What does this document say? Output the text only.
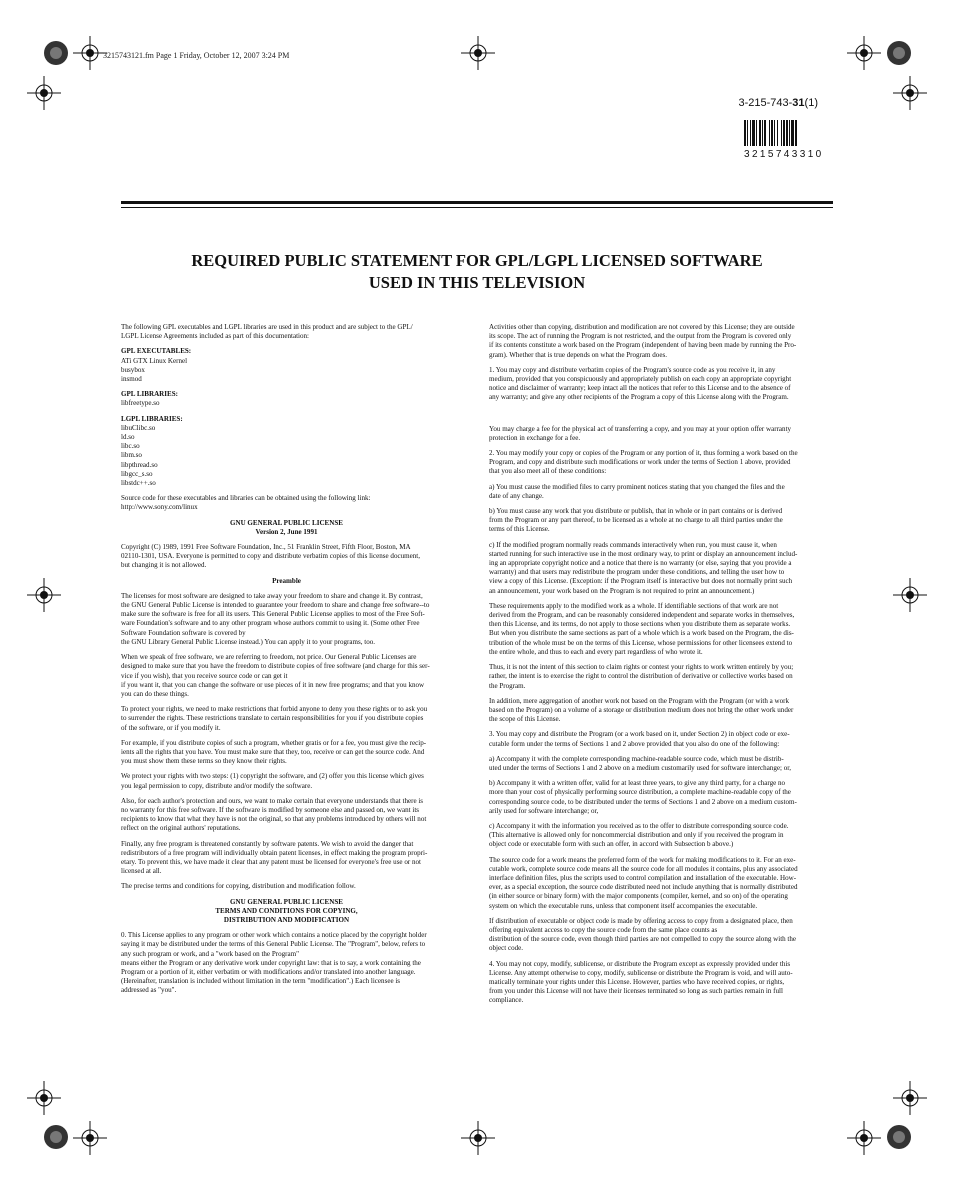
3215743121.fm Page 1 Friday, October 12, 2007 3:24 PM
3-215-743-31(1)
3215743310
REQUIRED PUBLIC STATEMENT FOR GPL/LGPL LICENSED SOFTWARE
USED IN THIS TELEVISION

The following GPL executables and LGPL libraries are used in this product and are subject to the GPL/
LGPL License Agreements included as part of this documentation:

GPL EXECUTABLES:

ATi GTX Linux Kernel
busybox
insmod

GPL LIBRARIES:

libfreetype.so

LGPL LIBRARIES:

libuClibc.so
ld.so
libc.so
libm.so
libpthread.so
libgcc_s.so
libstdc++.so

Source code for these executables and libraries can be obtained using the following link:
http://www.sony.com/linux

GNU GENERAL PUBLIC LICENSE
Version 2, June 1991

Copyright (C) 1989, 1991 Free Software Foundation, Inc., 51 Franklin Street, Fifth Floor, Boston, MA
02110-1301, USA. Everyone is permitted to copy and distribute verbatim copies of this license document,
but changing it is not allowed.

Preamble

The licenses for most software are designed to take away your freedom to share and change it. By contrast,
the GNU General Public License is intended to guarantee your freedom to share and change free software--to
make sure the software is free for all its users. This General Public License applies to most of the Free Soft-
ware Foundation's software and to any other program whose authors commit to using it. (Some other Free
Software Foundation software is covered by
the GNU Library General Public License instead.) You can apply it to your programs, too.

When we speak of free software, we are referring to freedom, not price. Our General Public Licenses are
designed to make sure that you have the freedom to distribute copies of free software (and charge for this ser-
vice if you wish), that you receive source code or can get it
if you want it, that you can change the software or use pieces of it in new free programs; and that you know
you can do these things.

To protect your rights, we need to make restrictions that forbid anyone to deny you these rights or to ask you
to surrender the rights. These restrictions translate to certain responsibilities for you if you distribute copies
of the software, or if you modify it.

For example, if you distribute copies of such a program, whether gratis or for a fee, you must give the recip-
ients all the rights that you have. You must make sure that they, too, receive or can get the source code. And
you must show them these terms so they know their rights.

We protect your rights with two steps: (1) copyright the software, and (2) offer you this license which gives
you legal permission to copy, distribute and/or modify the software.

Also, for each author's protection and ours, we want to make certain that everyone understands that there is
no warranty for this free software. If the software is modified by someone else and passed on, we want its
recipients to know that what they have is not the original, so that any problems introduced by others will not
reflect on the original authors' reputations.

Finally, any free program is threatened constantly by software patents. We wish to avoid the danger that
redistributors of a free program will individually obtain patent licenses, in effect making the program propri-
etary. To prevent this, we have made it clear that any patent must be licensed for everyone's free use or not
licensed at all.

The precise terms and conditions for copying, distribution and modification follow.

GNU GENERAL PUBLIC LICENSE
TERMS AND CONDITIONS FOR COPYING,
DISTRIBUTION AND MODIFICATION

0. This License applies to any program or other work which contains a notice placed by the copyright holder
saying it may be distributed under the terms of this General Public License. The "Program", below, refers to
any such program or work, and a "work based on the Program"
means either the Program or any derivative work under copyright law: that is to say, a work containing the
Program or a portion of it, either verbatim or with modifications and/or translated into another language.
(Hereinafter, translation is included without limitation in the term "modification".) Each licensee is
addressed as "you".

Activities other than copying, distribution and modification are not covered by this License; they are outside
its scope. The act of running the Program is not restricted, and the output from the Program is covered only
if its contents constitute a work based on the Program (independent of having been made by running the Pro-
gram). Whether that is true depends on what the Program does.

1. You may copy and distribute verbatim copies of the Program's source code as you receive it, in any
medium, provided that you conspicuously and appropriately publish on each copy an appropriate copyright
notice and disclaimer of warranty; keep intact all the notices that refer to this License and to the absence of
any warranty; and give any other recipients of the Program a copy of this License along with the Program.

You may charge a fee for the physical act of transferring a copy, and you may at your option offer warranty
protection in exchange for a fee.

2. You may modify your copy or copies of the Program or any portion of it, thus forming a work based on the
Program, and copy and distribute such modifications or work under the terms of Section 1 above, provided
that you also meet all of these conditions:

a) You must cause the modified files to carry prominent notices stating that you changed the files and the
date of any change.

b) You must cause any work that you distribute or publish, that in whole or in part contains or is derived
from the Program or any part thereof, to be licensed as a whole at no charge to all third parties under the
terms of this License.

c) If the modified program normally reads commands interactively when run, you must cause it, when
started running for such interactive use in the most ordinary way, to print or display an announcement includ-
ing an appropriate copyright notice and a notice that there is no warranty (or else, saying that you provide a
warranty) and that users may redistribute the program under these conditions, and telling the user how to
view a copy of this License. (Exception: if the Program itself is interactive but does not normally print such
an announcement, your work based on the Program is not required to print an announcement.)

These requirements apply to the modified work as a whole. If identifiable sections of that work are not
derived from the Program, and can be reasonably considered independent and separate works in themselves,
then this License, and its terms, do not apply to those sections when you distribute them as separate works.
But when you distribute the same sections as part of a whole which is a work based on the Program, the dis-
tribution of the whole must be on the terms of this License, whose permissions for other licensees extend to
the entire whole, and thus to each and every part regardless of who wrote it.

Thus, it is not the intent of this section to claim rights or contest your rights to work written entirely by you;
rather, the intent is to exercise the right to control the distribution of derivative or collective works based on
the Program.

In addition, mere aggregation of another work not based on the Program with the Program (or with a work
based on the Program) on a volume of a storage or distribution medium does not bring the other work under
the scope of this License.

3. You may copy and distribute the Program (or a work based on it, under Section 2) in object code or exe-
cutable form under the terms of Sections 1 and 2 above provided that you also do one of the following:

a) Accompany it with the complete corresponding machine-readable source code, which must be distrib-
uted under the terms of Sections 1 and 2 above on a medium customarily used for software interchange; or,

b) Accompany it with a written offer, valid for at least three years, to give any third party, for a charge no
more than your cost of physically performing source distribution, a complete machine-readable copy of the
corresponding source code, to be distributed under the terms of Sections 1 and 2 above on a medium custom-
arily used for software interchange; or,

c) Accompany it with the information you received as to the offer to distribute corresponding source code.
(This alternative is allowed only for noncommercial distribution and only if you received the program in
object code or executable form with such an offer, in accord with Subsection b above.)

The source code for a work means the preferred form of the work for making modifications to it. For an exe-
cutable work, complete source code means all the source code for all modules it contains, plus any associated
interface definition files, plus the scripts used to control compilation and installation of the executable. How-
ever, as a special exception, the source code distributed need not include anything that is normally distributed
(in either source or binary form) with the major components (compiler, kernel, and so on) of the operating
system on which the executable runs, unless that component itself accompanies the executable.

If distribution of executable or object code is made by offering access to copy from a designated place, then
offering equivalent access to copy the source code from the same place counts as
distribution of the source code, even though third parties are not compelled to copy the source along with the
object code.

4. You may not copy, modify, sublicense, or distribute the Program except as expressly provided under this
License. Any attempt otherwise to copy, modify, sublicense or distribute the Program is void, and will auto-
matically terminate your rights under this License. However, parties who have received copies, or rights,
from you under this License will not have their licenses terminated so long as such parties remain in full
compliance.
